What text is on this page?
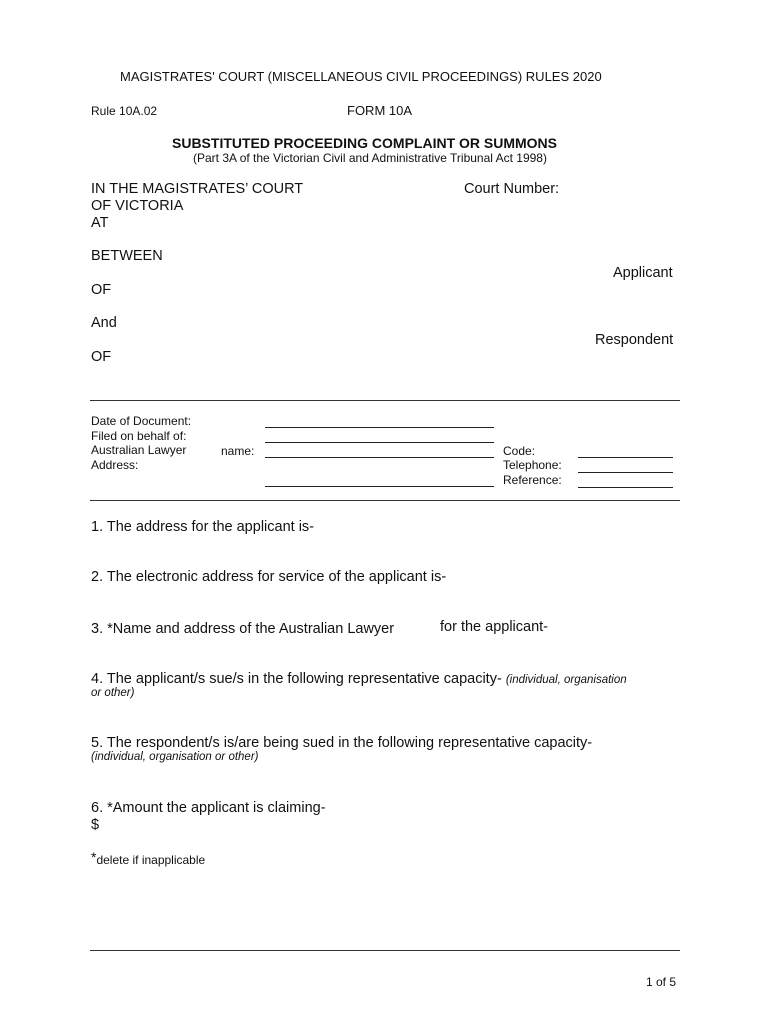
MAGISTRATES' COURT (MISCELLANEOUS CIVIL PROCEEDINGS) RULES 2020
Rule 10A.02	FORM 10A
SUBSTITUTED PROCEEDING COMPLAINT OR SUMMONS
(Part 3A of the Victorian Civil and Administrative Tribunal Act 1998)
IN THE MAGISTRATES’ COURT
OF VICTORIA
AT
Court Number:
BETWEEN
Applicant
OF
And
Respondent
OF
Date of Document:
Filed on behalf of:
Australian Lawyer	name:
Address:
Code:
Telephone:
Reference:
1. The address for the applicant is-
2. The electronic address for service of the applicant is-
3. *Name and address of the Australian Lawyer	for the applicant-
4. The applicant/s sue/s in the following representative capacity- (individual, organisation
or other)
5. The respondent/s is/are being sued in the following representative capacity-
(individual, organisation or other)
6. *Amount the applicant is claiming-
$
*delete if inapplicable
1 of 5
